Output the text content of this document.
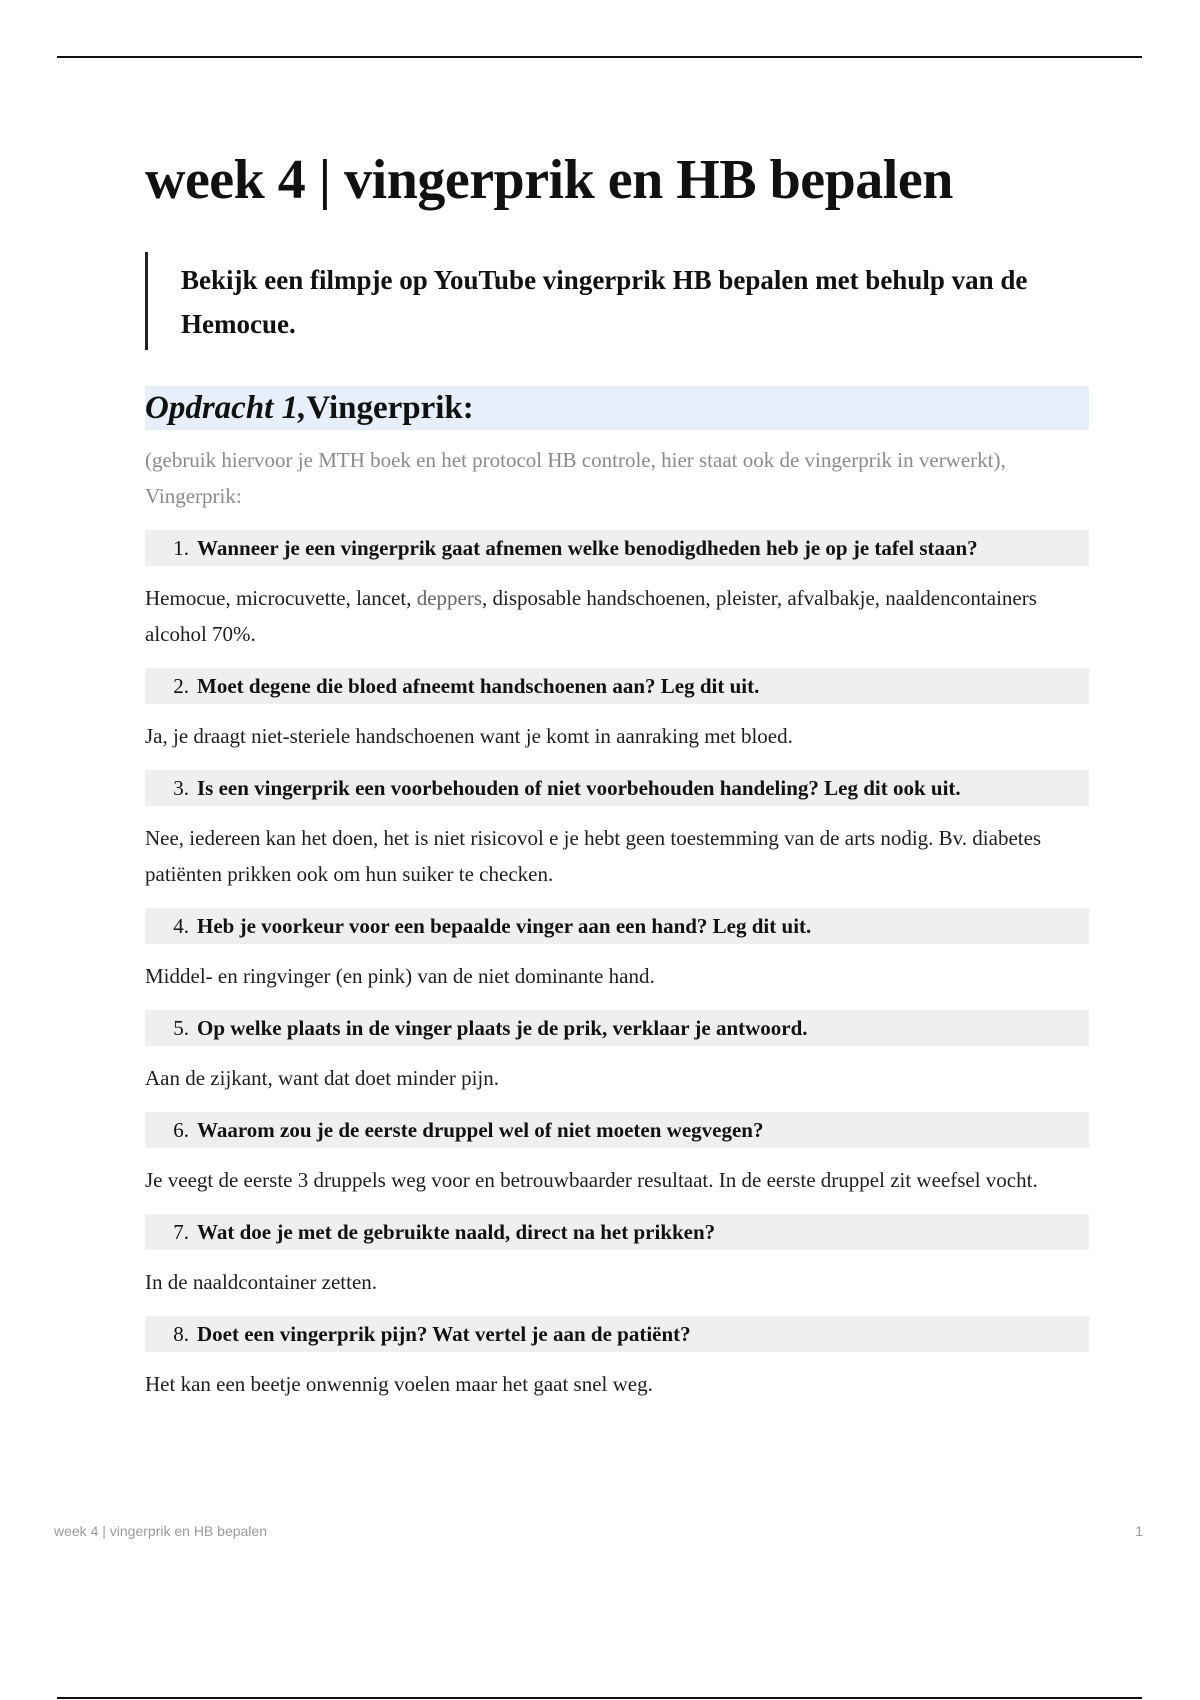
week 4 | vingerprik en HB bepalen
Bekijk een filmpje op YouTube vingerprik HB bepalen met behulp van de Hemocue.
Opdracht 1,Vingerprik:
(gebruik hiervoor je MTH boek en het protocol HB controle, hier staat ook de vingerprik in verwerkt), Vingerprik:
1. Wanneer je een vingerprik gaat afnemen welke benodigdheden heb je op je tafel staan?
Hemocue, microcuvette, lancet, deppers, disposable handschoenen, pleister, afvalbakje, naaldencontainers alcohol 70%.
2. Moet degene die bloed afneemt handschoenen aan? Leg dit uit.
Ja, je draagt niet-steriele handschoenen want je komt in aanraking met bloed.
3. Is een vingerprik een voorbehouden of niet voorbehouden handeling? Leg dit ook uit.
Nee, iedereen kan het doen, het is niet risicovol e je hebt geen toestemming van de arts nodig. Bv. diabetes patiënten prikken ook om hun suiker te checken.
4. Heb je voorkeur voor een bepaalde vinger aan een hand? Leg dit uit.
Middel- en ringvinger (en pink) van de niet dominante hand.
5. Op welke plaats in de vinger plaats je de prik, verklaar je antwoord.
Aan de zijkant, want dat doet minder pijn.
6. Waarom zou je de eerste druppel wel of niet moeten wegvegen?
Je veegt de eerste 3 druppels weg voor en betrouwbaarder resultaat. In de eerste druppel zit weefsel vocht.
7. Wat doe je met de gebruikte naald, direct na het prikken?
In de naaldcontainer zetten.
8. Doet een vingerprik pijn? Wat vertel je aan de patiënt?
Het kan een beetje onwennig voelen maar het gaat snel weg.
week 4 | vingerprik en HB bepalen	1
